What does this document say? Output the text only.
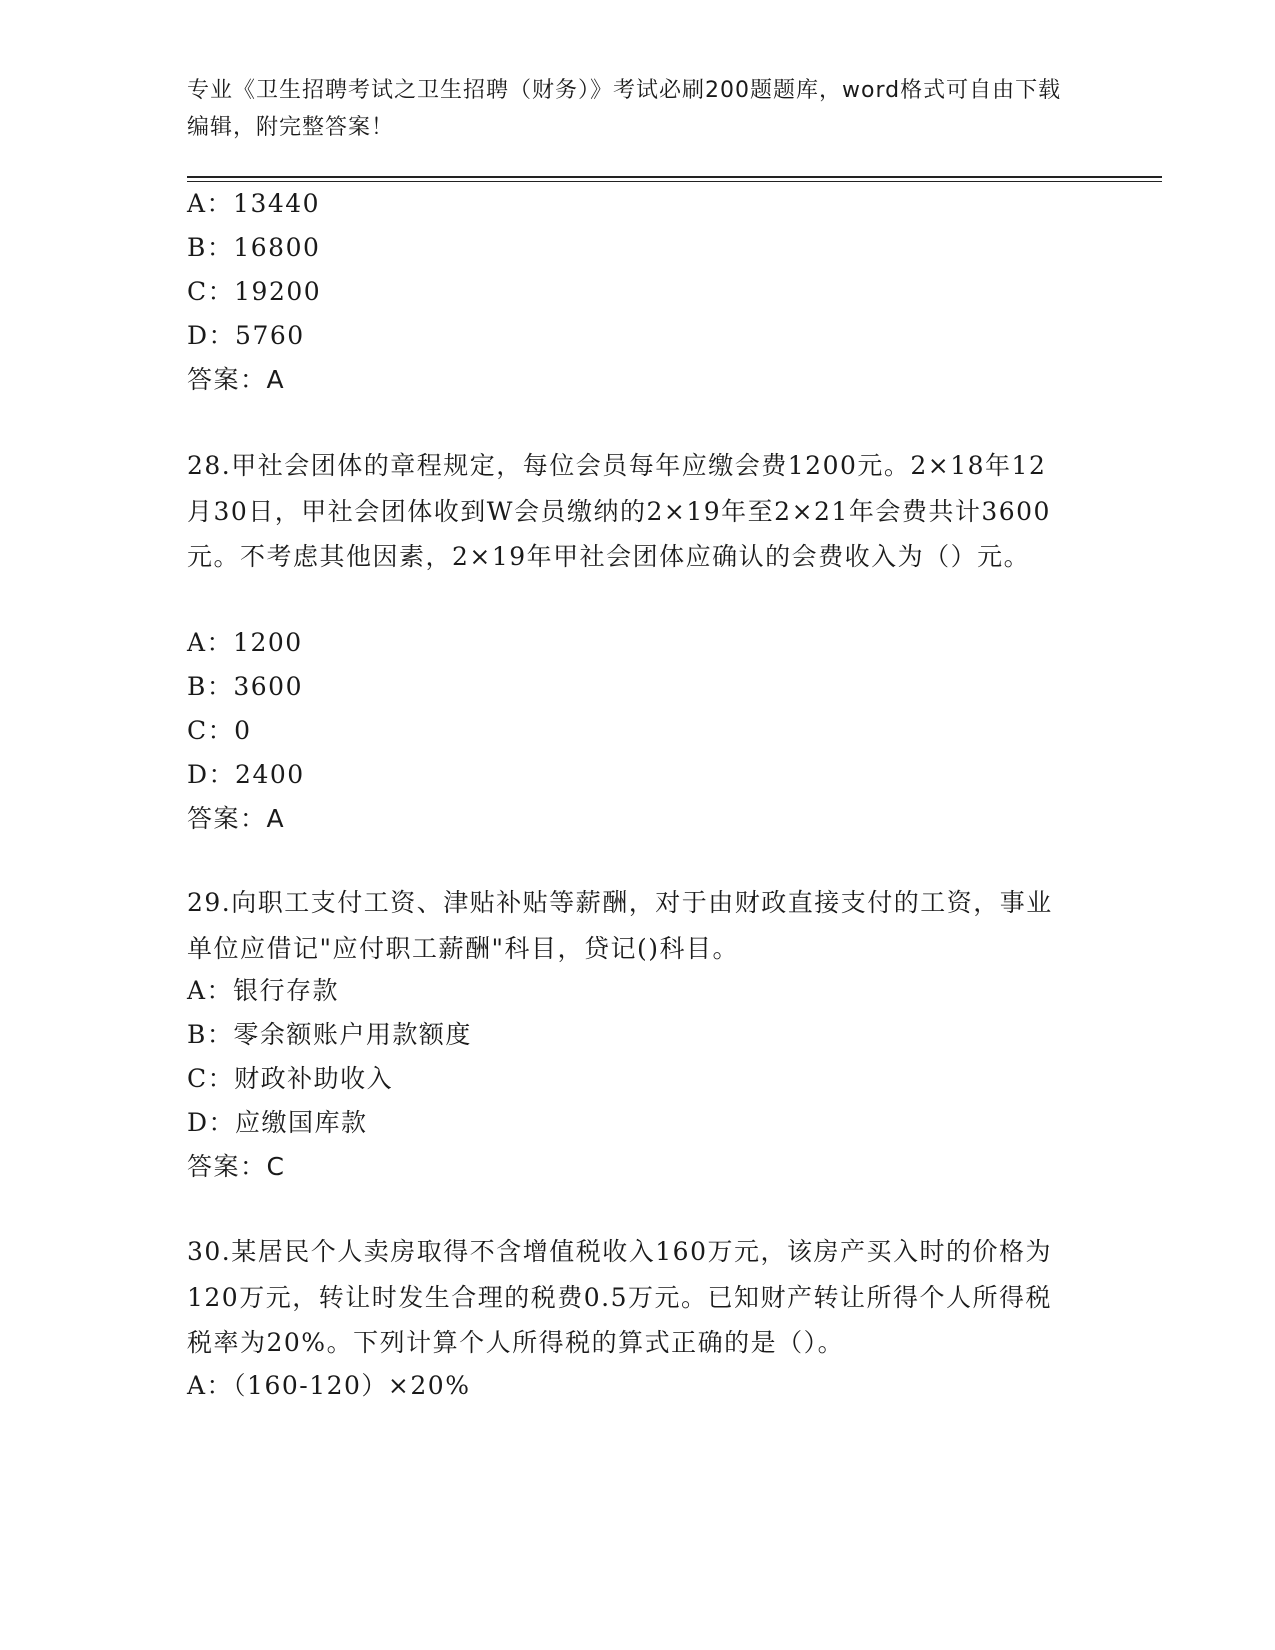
专业《卫生招聘考试之卫生招聘（财务）》考试必刷200题题库，word格式可自由下载编辑，附完整答案！
A：13440
B：16800
C：19200
D：5760
答案：A
28.甲社会团体的章程规定，每位会员每年应缴会费1200元。2×18年12月30日，甲社会团体收到W会员缴纳的2×19年至2×21年会费共计3600元。不考虑其他因素，2×19年甲社会团体应确认的会费收入为（）元。
A：1200
B：3600
C：0
D：2400
答案：A
29.向职工支付工资、津贴补贴等薪酬，对于由财政直接支付的工资，事业单位应借记"应付职工薪酬"科目，贷记()科目。
A：银行存款
B：零余额账户用款额度
C：财政补助收入
D：应缴国库款
答案：C
30.某居民个人卖房取得不含增值税收入160万元，该房产买入时的价格为120万元，转让时发生合理的税费0.5万元。已知财产转让所得个人所得税税率为20%。下列计算个人所得税的算式正确的是（）。
A：（160-120）×20%
